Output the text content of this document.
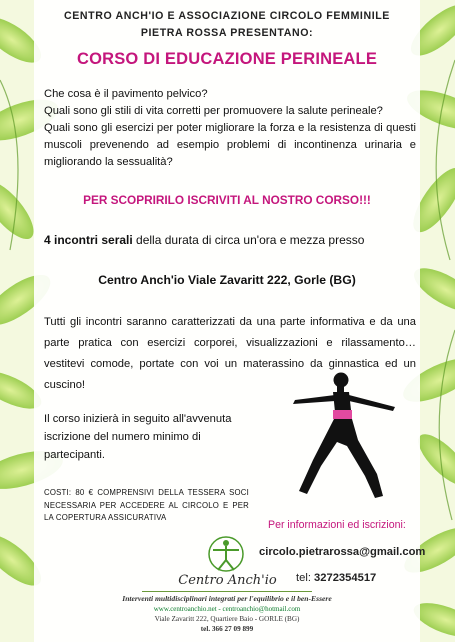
CENTRO ANCH'IO E ASSOCIAZIONE CIRCOLO FEMMINILE
PIETRA ROSSA PRESENTANO:
CORSO DI EDUCAZIONE PERINEALE
Che cosa è il pavimento pelvico?
Quali sono gli stili di vita corretti per promuovere la salute perineale?
Quali sono gli esercizi per poter migliorare la forza e la resistenza di questi muscoli prevenendo ad esempio problemi di incontinenza urinaria e migliorando la sessualità?
PER SCOPRIRILO ISCRIVITI AL NOSTRO CORSO!!!
4 incontri serali della durata di circa un'ora e mezza presso
Centro Anch'io Viale Zavaritt 222, Gorle (BG)
Tutti gli incontri saranno caratterizzati da una parte informativa e da una parte pratica con esercizi corporei, visualizzazioni e rilassamento… vestitevi comode, portate con voi un materassino da ginnastica ed un cuscino!
Il corso inizierà in seguito all'avvenuta iscrizione del numero minimo di partecipanti.
COSTI: 80 € COMPRENSIVI DELLA TESSERA SOCI NECESSARIA PER ACCEDERE AL CIRCOLO E PER LA COPERTURA ASSICURATIVA
Per informazioni ed iscrizioni:
circolo.pietrarossa@gmail.com
tel: 3272354517
Centro Anch'io
Interventi multidisciplinari integrati per l'equilibrio e il ben-Essere
www.centroanchio.net - centroanchio@hotmail.com
Viale Zavaritt 222, Quartiere Baio - GORLE (BG)
tel. 366 27 09 899
